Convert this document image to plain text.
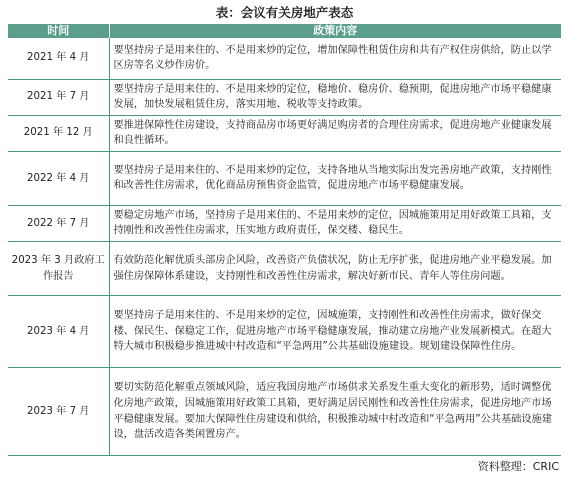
表：会议有关房地产表态
时间	政策内容
2021 年 4 月	要坚持房子是用来住的、不是用来炒的定位，增加保障性租赁住房和共有产权住房供给，防止以学区房等名义炒作房价。
2021 年 7 月	要坚持房子是用来住的、不是用来炒的定位，稳地价、稳房价、稳预期，促进房地产市场平稳健康发展，加快发展租赁住房，落实用地、税收等支持政策。
2021 年 12 月	要推进保障性住房建设，支持商品房市场更好满足购房者的合理住房需求，促进房地产业健康发展和良性循环。
2022 年 4 月	要坚持房子是用来住的、不是用来炒的定位，支持各地从当地实际出发完善房地产政策，支持刚性和改善性住房需求，优化商品房预售资金监管，促进房地产市场平稳健康发展。
2022 年 7 月	要稳定房地产市场，坚持房子是用来住的、不是用来炒的定位，因城施策用足用好政策工具箱，支持刚性和改善性住房需求，压实地方政府责任，保交楼、稳民生。
2023 年 3 月政府工作报告	有效防范化解优质头部房企风险，改善资产负债状况，防止无序扩张，促进房地产业平稳发展。加强住房保障体系建设，支持刚性和改善性住房需求，解决好新市民、青年人等住房问题。
2023 年 4 月	要坚持房子是用来住的、不是用来炒的定位，因城施策，支持刚性和改善性住房需求，做好保交楼、保民生、保稳定工作，促进房地产市场平稳健康发展，推动建立房地产业发展新模式。在超大特大城市积极稳步推进城中村改造和“平急两用”公共基础设施建设。规划建设保障性住房。
2023 年 7 月	要切实防范化解重点领域风险，适应我国房地产市场供求关系发生重大变化的新形势，适时调整优化房地产政策，因城施策用好政策工具箱，更好满足居民刚性和改善性住房需求，促进房地产市场平稳健康发展。要加大保障性住房建设和供给，积极推动城中村改造和“平急两用”公共基础设施建设，盘活改造各类闲置房产。
资料整理：CRIC
